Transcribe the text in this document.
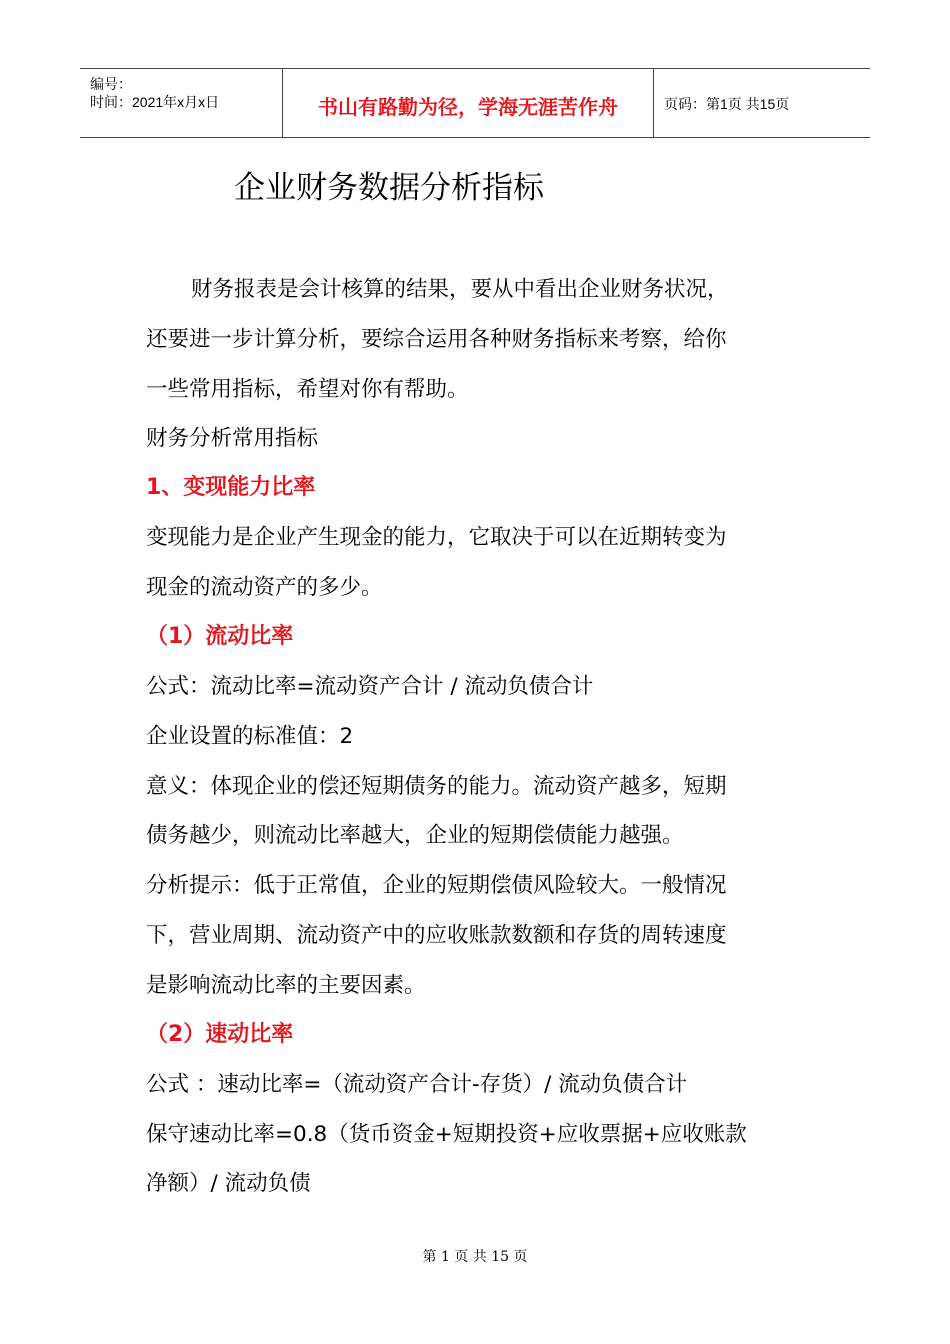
编号：
时间：2021年x月x日	书山有路勤为径，学海无涯苦作舟	页码：第1页 共15页
企业财务数据分析指标
财务报表是会计核算的结果，要从中看出企业财务状况，
还要进一步计算分析，要综合运用各种财务指标来考察，给你
一些常用指标，希望对你有帮助。
财务分析常用指标
1、变现能力比率
变现能力是企业产生现金的能力，它取决于可以在近期转变为
现金的流动资产的多少。
（1）流动比率
公式：流动比率=流动资产合计 / 流动负债合计
企业设置的标准值：2
意义：体现企业的偿还短期债务的能力。流动资产越多，短期
债务越少，则流动比率越大，企业的短期偿债能力越强。
分析提示：低于正常值，企业的短期偿债风险较大。一般情况
下，营业周期、流动资产中的应收账款数额和存货的周转速度
是影响流动比率的主要因素。
（2）速动比率
公式 ：速动比率=（流动资产合计-存货）/ 流动负债合计
保守速动比率=0.8（货币资金+短期投资+应收票据+应收账款
净额）/ 流动负债
第 1 页 共 15 页
